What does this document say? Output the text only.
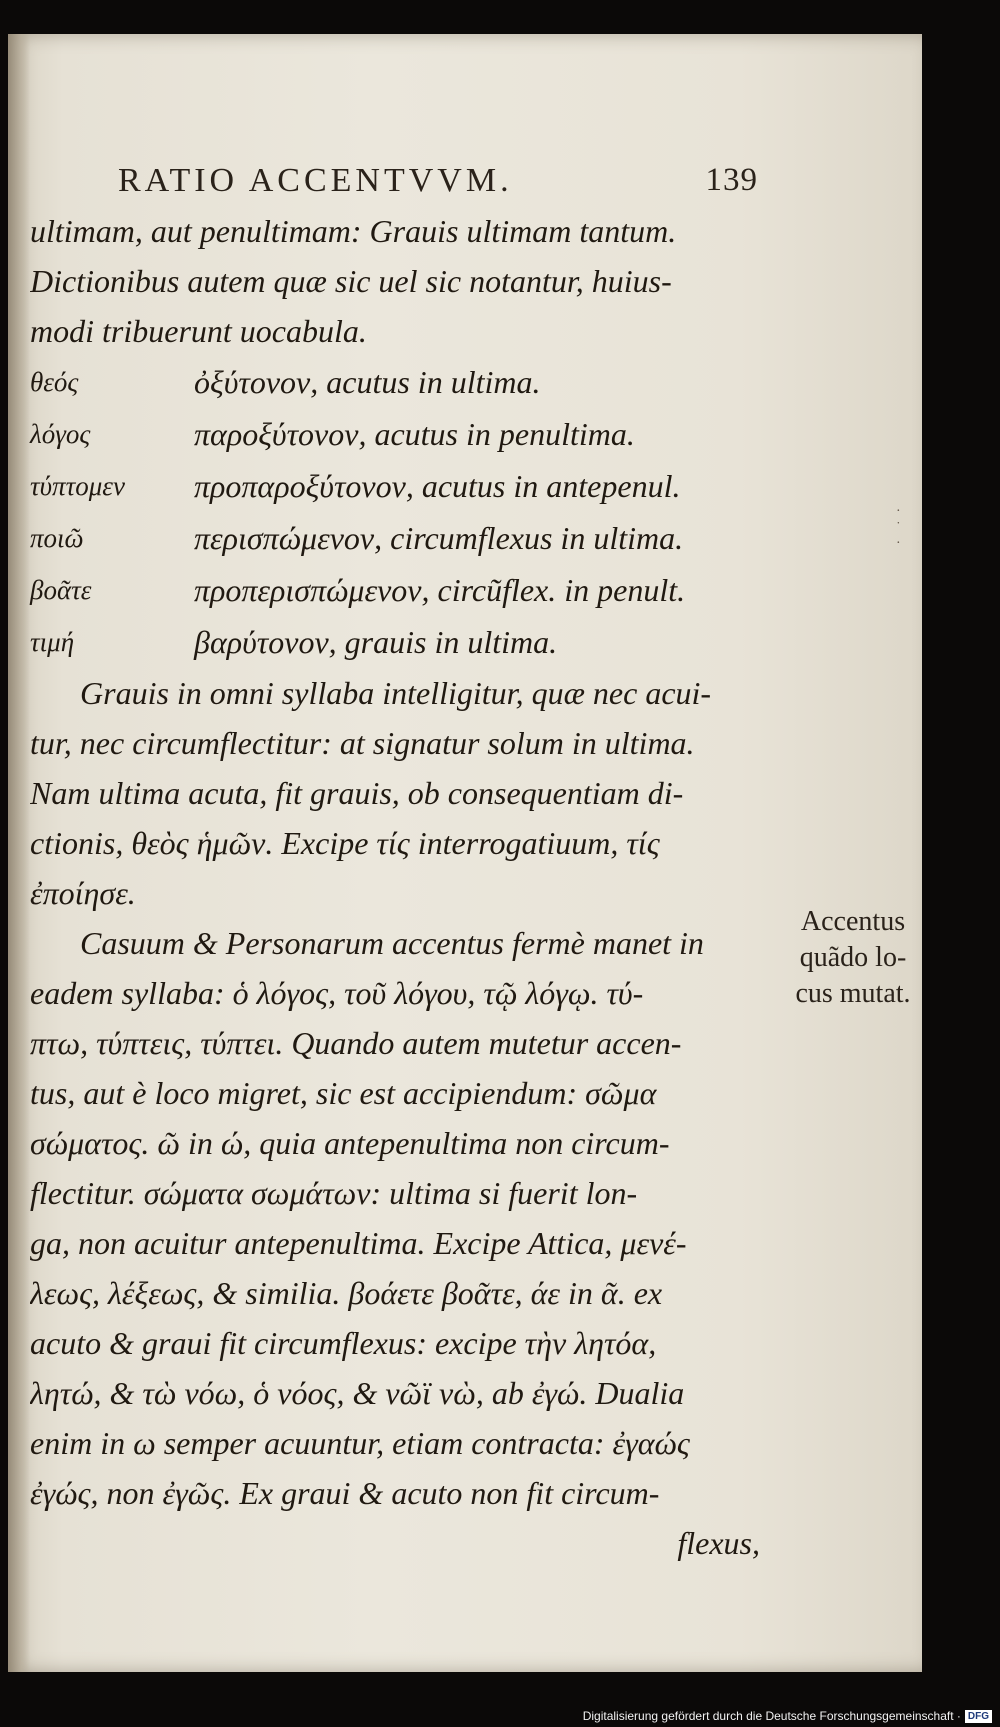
RATIO ACCENTVVM.	139
ultimam, aut penultimam: Grauis ultimam tantum.
Dictionibus autem quæ sic uel sic notantur, huius-
modi tribuerunt uocabula.
θεός	ὀξύτονον, acutus in ultima.
λόγος	παροξύτονον, acutus in penultima.
τύπτομεν	προπαροξύτονον, acutus in antepenul.
ποιῶ	περισπώμενον, circumflexus in ultima.
βοᾶτε	προπερισπώμενον, circũflex. in penult.
τιμή	βαρύτονον, grauis in ultima.
Grauis in omni syllaba intelligitur, quæ nec acui-
tur, nec circumflectitur: at signatur solum in ultima.
Nam ultima acuta, fit grauis, ob consequentiam di-
ctionis, θεὸς ἡμῶν. Excipe τίς interrogatiuum, τίς
ἐποίησε.
Casuum & Personarum accentus fermè manet in
eadem syllaba: ὁ λόγος, τοῦ λόγου, τῷ λόγῳ. τύ-
πτω, τύπτεις, τύπτει. Quando autem mutetur accen-
tus, aut è loco migret, sic est accipiendum: σῶμα
σώματος. ῶ in ώ, quia antepenultima non circum-
flectitur. σώματα σωμάτων: ultima si fuerit lon-
ga, non acuitur antepenultima. Excipe Attica, μενέ-
λεως, λέξεως, & similia. βοάετε βοᾶτε, άε in ᾶ. ex
acuto & graui fit circumflexus: excipe τὴν λητόα,
λητώ, & τὼ νόω, ὁ νόος, & νῶϊ νὼ, ab ἐγώ. Dualia
enim in ω semper acuuntur, etiam contracta: ἐγαώς
ἐγώς, non ἐγῶς. Ex graui & acuto non fit circum-
flexus,
Accentus
quãdo lo-
cus mutat.
·
˙
·
Digitalisierung gefördert durch die Deutsche Forschungsgemeinschaft · DFG
